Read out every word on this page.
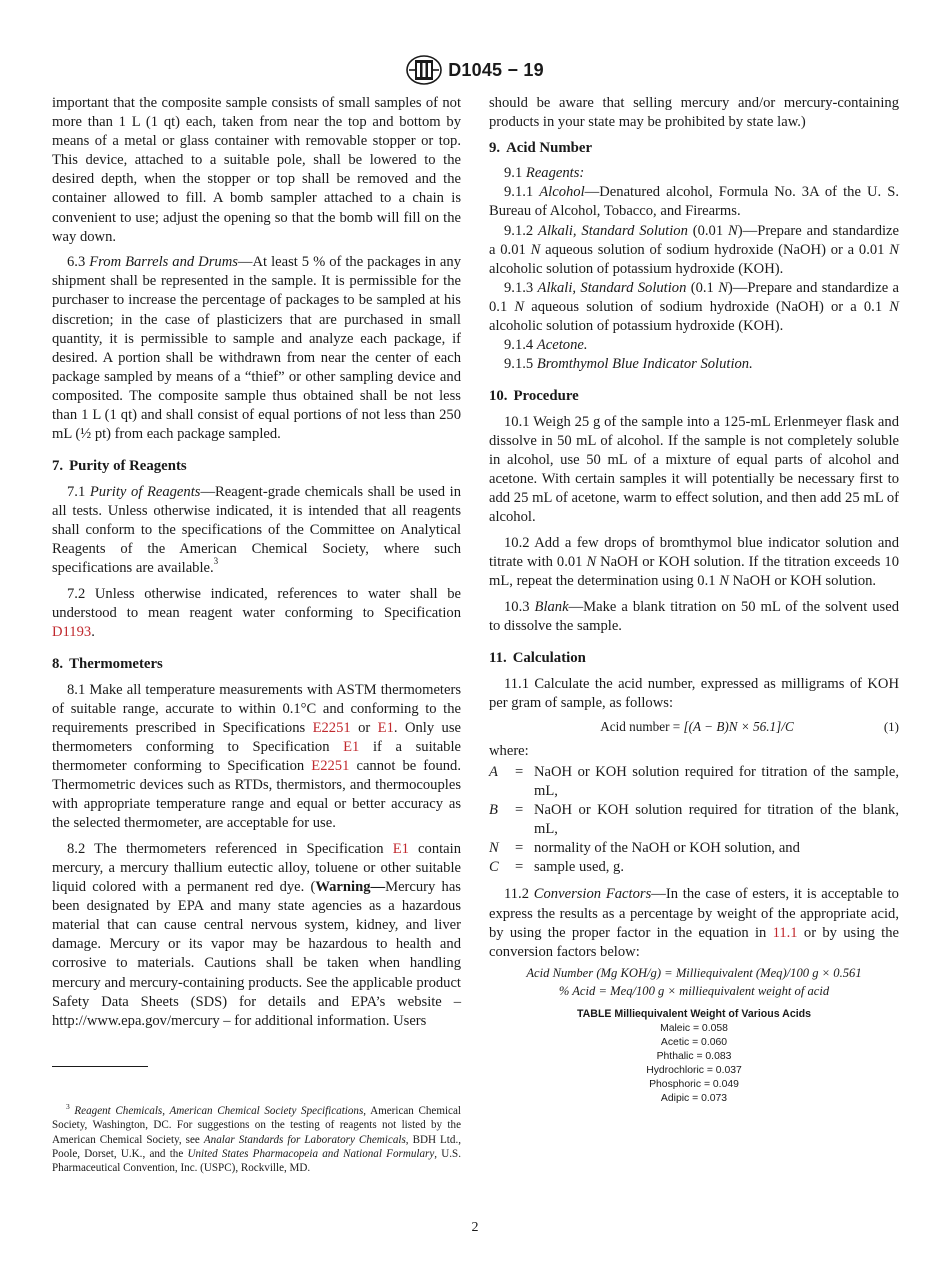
D1045 − 19

important that the composite sample consists of small samples of not more than 1 L (1 qt) each, taken from near the top and bottom by means of a metal or glass container with removable stopper or top. This device, attached to a suitable pole, shall be lowered to the desired depth, when the stopper or top shall be removed and the container allowed to fill. A bomb sampler attached to a chain is convenient to use; adjust the opening so that the bomb will fill on the way down.

6.3 From Barrels and Drums—At least 5 % of the packages in any shipment shall be represented in the sample. It is permissible for the purchaser to increase the percentage of packages to be sampled at his discretion; in the case of plasticizers that are purchased in small quantity, it is permissible to sample and analyze each package, if desired. A portion shall be withdrawn from near the center of each package sampled by means of a “thief” or other sampling device and composited. The composite sample thus obtained shall be not less than 1 L (1 qt) and shall consist of equal portions of not less than 250 mL (½ pt) from each package sampled.

7. Purity of Reagents

7.1 Purity of Reagents—Reagent-grade chemicals shall be used in all tests. Unless otherwise indicated, it is intended that all reagents shall conform to the specifications of the Committee on Analytical Reagents of the American Chemical Society, where such specifications are available.$^3$

7.2 Unless otherwise indicated, references to water shall be understood to mean reagent water conforming to Specification D1193.

8. Thermometers

8.1 Make all temperature measurements with ASTM thermometers of suitable range, accurate to within 0.1°C and conforming to the requirements prescribed in Specifications E2251 or E1. Only use thermometers conforming to Specification E1 if a suitable thermometer conforming to Specification E2251 cannot be found. Thermometric devices such as RTDs, thermistors, and thermocouples with appropriate temperature range and equal or better accuracy as the selected thermometer, are acceptable for use.

8.2 The thermometers referenced in Specification E1 contain mercury, a mercury thallium eutectic alloy, toluene or other suitable liquid colored with a permanent red dye. (Warning—Mercury has been designated by EPA and many state agencies as a hazardous material that can cause central nervous system, kidney, and liver damage. Mercury or its vapor may be hazardous to health and corrosive to materials. Cautions shall be taken when handling mercury and mercury-containing products. See the applicable product Safety Data Sheets (SDS) for details and EPA’s website – http://www.epa.gov/mercury – for additional information. Users

should be aware that selling mercury and/or mercury-containing products in your state may be prohibited by state law.)

9. Acid Number

9.1 Reagents:

9.1.1 Alcohol—Denatured alcohol, Formula No. 3A of the U. S. Bureau of Alcohol, Tobacco, and Firearms.

9.1.2 Alkali, Standard Solution (0.01 N)—Prepare and standardize a 0.01 N aqueous solution of sodium hydroxide (NaOH) or a 0.01 N alcoholic solution of potassium hydroxide (KOH).

9.1.3 Alkali, Standard Solution (0.1 N)—Prepare and standardize a 0.1 N aqueous solution of sodium hydroxide (NaOH) or a 0.1 N alcoholic solution of potassium hydroxide (KOH).

9.1.4 Acetone.

9.1.5 Bromthymol Blue Indicator Solution.

10. Procedure

10.1 Weigh 25 g of the sample into a 125-mL Erlenmeyer flask and dissolve in 50 mL of alcohol. If the sample is not completely soluble in alcohol, use 50 mL of a mixture of equal parts of alcohol and acetone. With certain samples it will potentially be necessary first to add 25 mL of acetone, warm to effect solution, and then add 25 mL of alcohol.

10.2 Add a few drops of bromthymol blue indicator solution and titrate with 0.01 N NaOH or KOH solution. If the titration exceeds 10 mL, repeat the determination using 0.1 N NaOH or KOH solution.

10.3 Blank—Make a blank titration on 50 mL of the solvent used to dissolve the sample.

11. Calculation

11.1 Calculate the acid number, expressed as milligrams of KOH per gram of sample, as follows:

Acid number = [(A − B)N × 56.1]/C	(1)

where:

A	= NaOH or KOH solution required for titration of the sample, mL,
B	= NaOH or KOH solution required for titration of the blank, mL,
N	= normality of the NaOH or KOH solution, and
C	= sample used, g.

11.2 Conversion Factors—In the case of esters, it is acceptable to express the results as a percentage by weight of the appropriate acid, by using the proper factor in the equation in 11.1 or by using the conversion factors below:

Acid Number (Mg KOH/g) = Milliequivalent (Meq)/100 g × 0.561
% Acid = Meq/100 g × milliequivalent weight of acid
TABLE Milliequivalent Weight of Various Acids
Maleic = 0.058
Acetic = 0.060
Phthalic = 0.083
Hydrochloric = 0.037
Phosphoric = 0.049
Adipic = 0.073
$^3$ Reagent Chemicals, American Chemical Society Specifications, American Chemical Society, Washington, DC. For suggestions on the testing of reagents not listed by the American Chemical Society, see Analar Standards for Laboratory Chemicals, BDH Ltd., Poole, Dorset, U.K., and the United States Pharmacopeia and National Formulary, U.S. Pharmaceutical Convention, Inc. (USPC), Rockville, MD.
2
